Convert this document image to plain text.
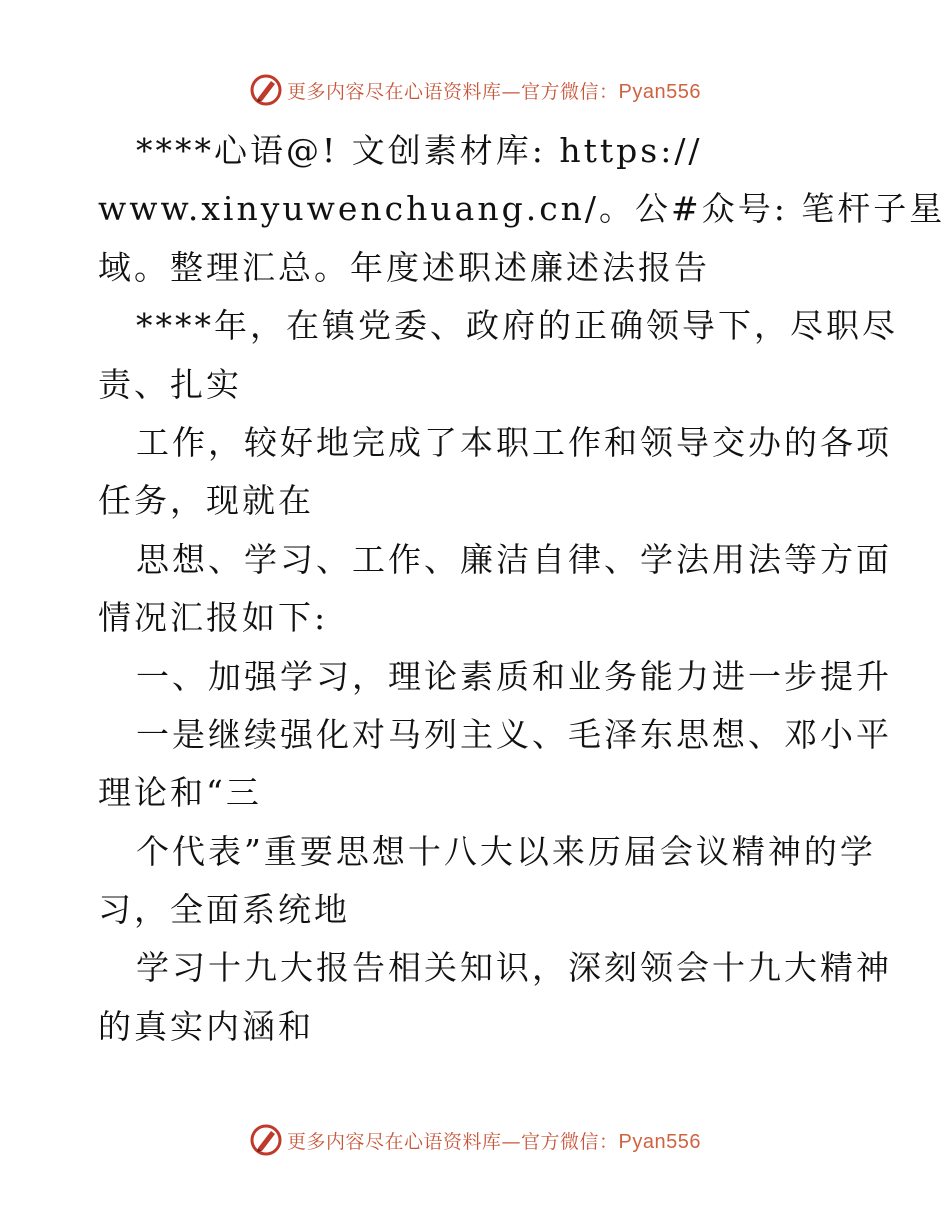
更多内容尽在心语资料库—官方微信：Pyan556
****心语@! 文创素材库: https://
www.xinyuwenchuang.cn/。公#众号: 笔杆子星
域。整理汇总。年度述职述廉述法报告
****年，在镇党委、政府的正确领导下，尽职尽
责、扎实
工作，较好地完成了本职工作和领导交办的各项
任务，现就在
思想、学习、工作、廉洁自律、学法用法等方面
情况汇报如下:
一、加强学习，理论素质和业务能力进一步提升
一是继续强化对马列主义、毛泽东思想、邓小平
理论和“三
个代表”重要思想十八大以来历届会议精神的学
习，全面系统地
学习十九大报告相关知识，深刻领会十九大精神
的真实内涵和
更多内容尽在心语资料库—官方微信：Pyan556
